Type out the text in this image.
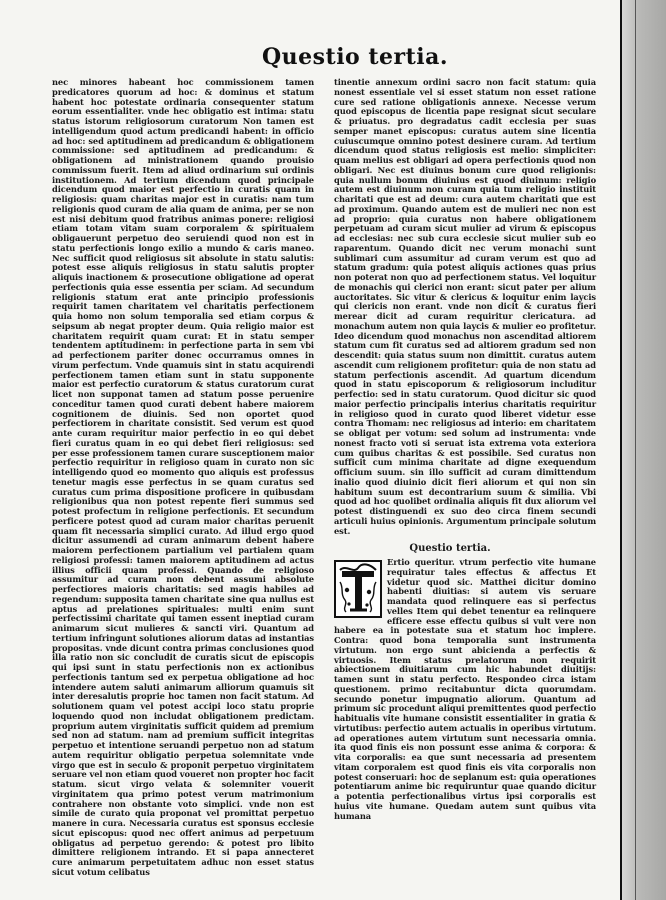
Questio tertia.

nec minores habeant hoc commissionem tamen predicatores quorum ad hoc: & dominus et statum habent hoc potestate ordinaria consequenter statum eorum essentialiter. vnde hec obligatio est intima: statu status istorum religiosorum curatorum Non tamen est intelligendum quod actum predicandi habent: in officio ad hoc: sed aptitudinem ad predicandum & obligationem commissione: sed aptitudinem ad predicandum: & obligationem ad ministrationem quando prouisio commissum fuerit. Item ad aliud ordinarium sui ordinis institutionem. Ad tertium dicendum quod principale dicendum quod maior est perfectio in curatis quam in religiosis: quam charitas major est in curatis: nam tum religionis quod curam de alia quam de anima, per se non est nisi debitum quod fratribus animas ponere: religiosi etiam totam vitam suam corporalem & spiritualem obligauerunt perpetuo deo seruiendi quod non est in statu perfectionis longo exilio a mundo & caris maneo. Nec sufficit quod religiosus sit absolute in statu salutis: potest esse aliquis religiosus in statu salutis propter aliquis inactionem & prosecutione obligatione ad operat perfectionis quia esse essentia per sciam. Ad secundum religionis statum erat ante principio professionis requirit tamen charitatem vel charitatis perfectionem quia homo non solum temporalia sed etiam corpus & seipsum ab negat propter deum. Quia religio maior est charitatem requirit quam curat: Et in statu semper tendentem aptitudinem: in perfectione parta in sem vbi ad perfectionem pariter donec occurramus omnes in virum perfectum. Vnde quamuis sint in statu acquirendi perfectionem tamen etiam sunt in statu supponente maior est perfectio curatorum & status curatorum curat licet non supponat tamen ad statum posse peruenire conceditur tamen quod curati debent habere maiorem cognitionem de diuinis. Sed non oportet quod perfectiorem in charitate consistit. Sed verum est quod ante curam requiritur maior perfectio in eo qui debet fieri curatus quam in eo qui debet fieri religiosus: sed per esse professionem tamen curare susceptionem maior perfectio requiritur in religioso quam in curato non sic intelligendo quod eo momento quo aliquis est professus tenetur magis esse perfectus in se quam curatus sed curatus cum prima dispositione proficere in quibusdam religionibus qua non potest repente fieri summus sed potest profectum in religione perfectionis. Et secundum perficere potest quod ad curam maior charitas peruenit quam fit necessaria simplici curato. Ad illud ergo quod dicitur assumendi ad curam animarum debent habere maiorem perfectionem partialium vel partialem quam religiosi professi: tamen maiorem aptitudinem ad actus illius officii quam professi. Quando de religioso assumitur ad curam non debent assumi absolute perfectiores maioris charitatis: sed magis habiles ad regendum: supposita tamen charitate sine qua nullus est aptus ad prelationes spirituales: multi enim sunt perfectissimi charitate qui tamen essent ineptiad curam animarum sicut mulieres & sancti viri. Quantum ad tertium infringunt solutiones aliorum datas ad instantias propositas. vnde dicunt contra primas conclusiones quod illa ratio non sic concludit de curatis sicut de episcopis qui ipsi sunt in statu perfectionis non ex actionibus perfectionis tantum sed ex perpetua obligatione ad hoc intendere autem saluti animarum alliorum quamuis sit inter deresalutis proprie hoc tamen non facit statum. Ad solutionem quam vel potest accipi loco statu proprie loquendo quod non includat obligationem predictam. proprium autem virginitatis sufficit quidem ad premium sed non ad statum. nam ad premium sufficit integritas perpetuo et intentione seruandi perpetuo non ad statum autem requiritur obligatio perpetua solemnitate vnde virgo que est in seculo & proponit perpetuo virginitatem seruare vel non etiam quod voueret non propter hoc facit statum. sicut virgo velata & solemniter vouerit virginitatem qua primo potest verum matrimonium contrahere non obstante voto simplici. vnde non est simile de curato quia proponat vel promittat perpetuo manere in cura. Necessaria curatus est sponsus ecclesie sicut episcopus: quod nec offert animus ad perpetuum obligatus ad perpetuo gerendo: & potest pro libito dimittere religionem intrando. Et si papa annecteret cure animarum perpetuitatem adhuc non esset status sicut votum celibatus

tinentie annexum ordini sacro non facit statum: quia nonest essentiale vel si esset statum non esset ratione cure sed ratione obligationis annexe. Necesse verum quod episcopus de licentia pape resignat sicut seculare & priuatus. pro degradatus cadit ecclesia per suas semper manet episcopus: curatus autem sine licentia cuiuscumque omnino potest desinere curam. Ad tertium dicendum quod status religiosis est melio: simpliciter: quam melius est obligari ad opera perfectionis quod non obligari. Nec est diuinus bonum cure quod religionis: quia nullum bonum diuinius est quod diuinum: religio autem est diuinum non curam quia tum religio instituit charitati que est ad deum: cura autem charitati que est ad proximum. Quando autem est de mulieri nec non est ad proprio: quia curatus non habere obligationem perpetuam ad curam sicut mulier ad virum & episcopus ad ecclesias: nec sub cura ecclesie sicut mulier sub eo raparentum. Quando dicit nec verum monachi sunt sublimari cum assumitur ad curam verum est quo ad statum gradum: quia potest aliquis actiones quas prius non poterat non quo ad perfectionem status. Vel loquitur de monachis qui clerici non erant: sicut pater per alium auctoritates. Sic vitur & clericus & loquitur enim laycis qui clericis non erant. vnde non dicit & curatus fieri merear dicit ad curam requiritur clericatura. ad monachum autem non quia laycis & mulier eo profitetur. Ideo dicendum quod monachus non ascenditad altiorem statum cum fit curatus sed ad altiorem gradum sed non descendit: quia status suum non dimittit. curatus autem ascendit cum religionem profitetur: quia de non statu ad statum perfectionis ascendit. Ad quartum dicendum quod in statu episcoporum & religiosorum includitur perfectio: sed in statu curatorum. Quod dicitur sic quod maior perfectio principalis interius charitatis requiritur in religioso quod in curato quod liberet videtur esse contra Thomam: nec religiosus ad interio: em charitatem se obligat per votum: sed solum ad instrumenta: vnde nonest fracto voti si seruat ista extrema vota exteriora cum quibus charitas & est possibile. Sed curatus non sufficit cum minima charitate ad digne exequendum officium suum. sin illo sufficit ad curam dimittendum inalio quod diuinio dicit fieri aliorum et qui non sin habitum suum est decontrarium suum & similia. Vbi quod ad hoc quolibet ordinalia aliquis fit dux aliorum vel potest distinguendi ex suo deo circa finem secundi articuli huius opinionis. Argumentum principale solutum est.

Questio tertia.

Ertio queritur. vtrum perfectio vite humane requiratur tales effectus & affectus Et videtur quod sic. Matthei dicitur domino habenti diuitias: si autem vis seruare mandata quod relinquere eas si perfectus velles Item qui debet tenentur ea relinquere efficere esse effectu quibus si vult vere non habere ea in potestate sua et statum hoc implere. Contra: quod bona temporalia sunt instrumenta virtutum. non ergo sunt abicienda a perfectis & virtuosis. Item status prelatorum non requirit abiectionem diuitiarum cum hic habundet diuitijs: tamen sunt in statu perfecto. Respondeo circa istam questionem. primo recitabuntur dicta quorumdam. secundo ponetur impugnatio aliorum. Quantum ad primum sic procedunt aliqui premittentes quod perfectio habitualis vite humane consistit essentialiter in gratia & virtutibus: perfectio autem actualis in operibus virtutum. ad operationes autem virtutum sunt necessaria omnia. ita quod finis eis non possunt esse anima & corpora: & vita corporalis: ea que sunt necessaria ad presentem vitam corporalem est quod finis eis vita corporalis non potest conseruari: hoc de seplanum est: quia operationes potentiarum anime bic requiruntur quae quando dicitur a potentia perfectionalibus virtus ipsi corporalis est huius vite humane. Quedam autem sunt quibus vita humana
